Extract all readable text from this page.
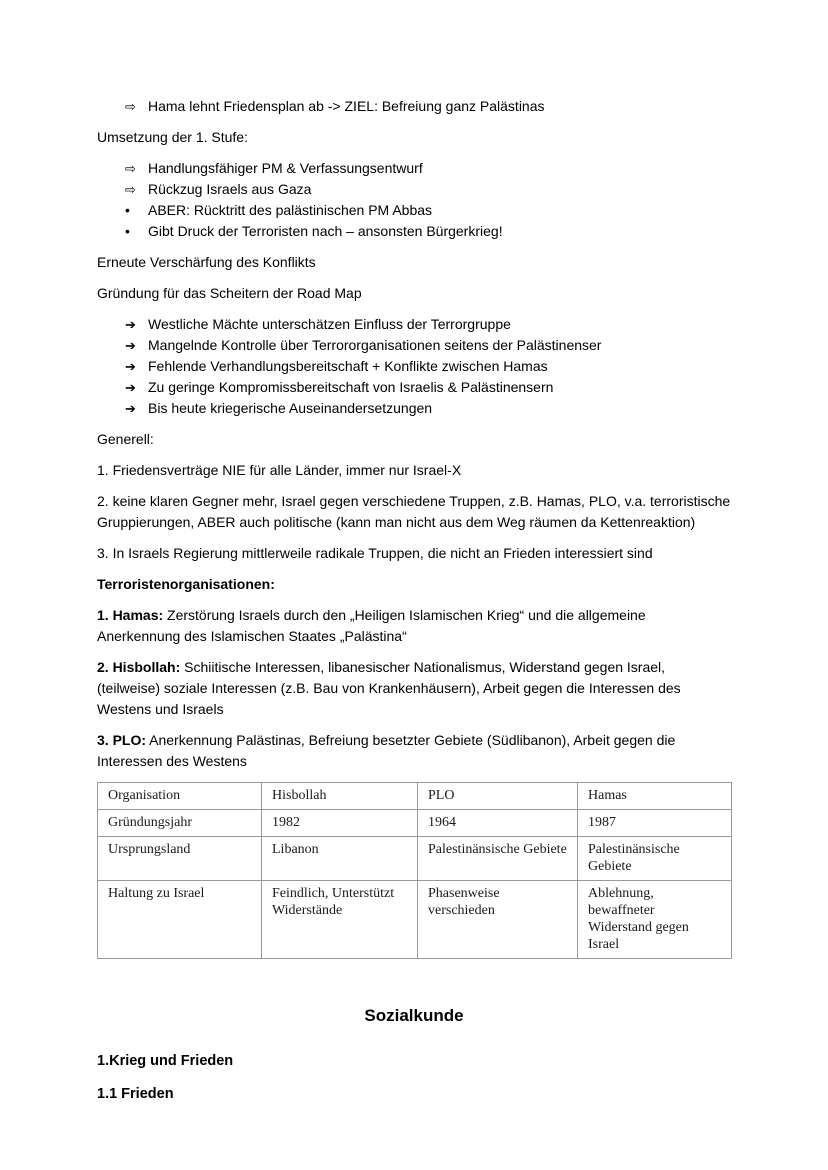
⇨ Hama lehnt Friedensplan ab -> ZIEL: Befreiung ganz Palästinas

Umsetzung der 1. Stufe:

⇨ Handlungsfähiger PM & Verfassungsentwurf
⇨ Rückzug Israels aus Gaza
•	ABER: Rücktritt des palästinischen PM Abbas
•	Gibt Druck der Terroristen nach – ansonsten Bürgerkrieg!

Erneute Verschärfung des Konflikts

Gründung für das Scheitern der Road Map

➔ Westliche Mächte unterschätzen Einfluss der Terrorgruppe
➔ Mangelnde Kontrolle über Terrororganisationen seitens der Palästinenser
➔ Fehlende Verhandlungsbereitschaft + Konflikte zwischen Hamas
➔ Zu geringe Kompromissbereitschaft von Israelis & Palästinensern
➔ Bis heute kriegerische Auseinandersetzungen

Generell:

1. Friedensverträge NIE für alle Länder, immer nur Israel-X

2. keine klaren Gegner mehr, Israel gegen verschiedene Truppen, z.B. Hamas, PLO, v.a. terroristische Gruppierungen, ABER auch politische (kann man nicht aus dem Weg räumen da Kettenreaktion)

3. In Israels Regierung mittlerweile radikale Truppen, die nicht an Frieden interessiert sind

Terroristenorganisationen:

1. Hamas: Zerstörung Israels durch den „Heiligen Islamischen Krieg“ und die allgemeine Anerkennung des Islamischen Staates „Palästina“

2. Hisbollah: Schiitische Interessen, libanesischer Nationalismus, Widerstand gegen Israel, (teilweise) soziale Interessen (z.B. Bau von Krankenhäusern), Arbeit gegen die Interessen des Westens und Israels

3. PLO: Anerkennung Palästinas, Befreiung besetzter Gebiete (Südlibanon), Arbeit gegen die Interessen des Westens

Organisation	Hisbollah	PLO	Hamas
Gründungsjahr	1982	1964	1987
Ursprungsland	Libanon	Palestinänsische Gebiete	Palestinänsische Gebiete
Haltung zu Israel	Feindlich, Unterstützt Widerstände	Phasenweise verschieden	Ablehnung, bewaffneter Widerstand gegen Israel
Sozialkunde
1.Krieg und Frieden
1.1 Frieden
